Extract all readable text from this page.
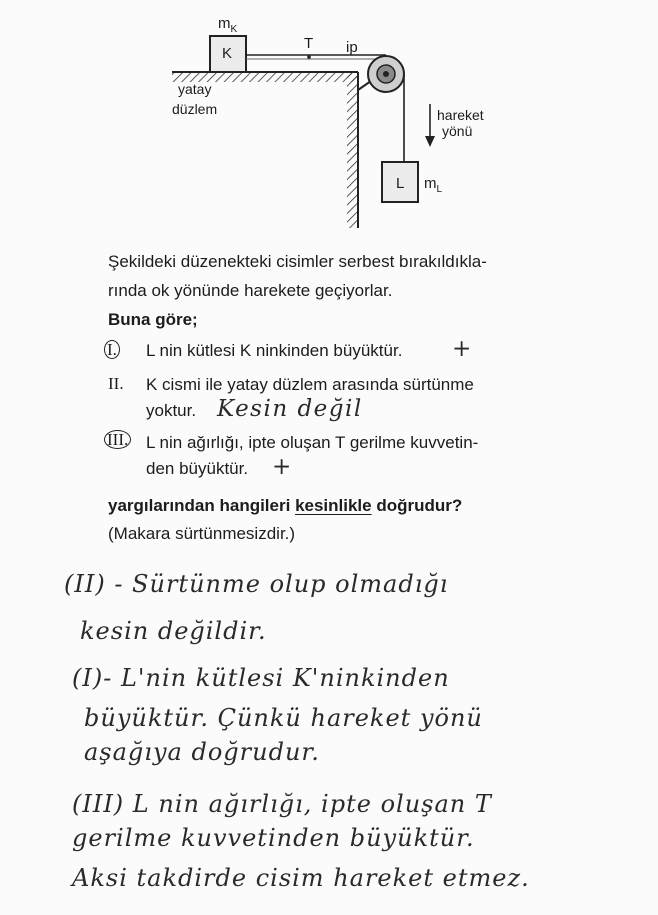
$m_K$
K
T ip
yatay
düzlem	hareket
yönü
L $m_L$
Şekildeki düzenekteki cisimler serbest bırakıldıkla-
rında ok yönünde harekete geçiyorlar.
Buna göre;
I. L nin kütlesi K ninkinden büyüktür. +
II. K cismi ile yatay düzlem arasında sürtünme
yoktur. Kesin değil
III. L nin ağırlığı, ipte oluşan T gerilme kuvvetin-
den büyüktür. +
yargılarından hangileri kesinlikle doğrudur?
(Makara sürtünmesizdir.)
(II) - Sürtünme olup olmadığı
kesin değildir.
(I)- L'nin kütlesi K'ninkinden
büyüktür. Çünkü hareket yönü
aşağıya doğrudur.
(III) L nin ağırlığı, ipte oluşan T
gerilme kuvvetinden büyüktür.
Aksi takdirde cisim hareket etmez.
